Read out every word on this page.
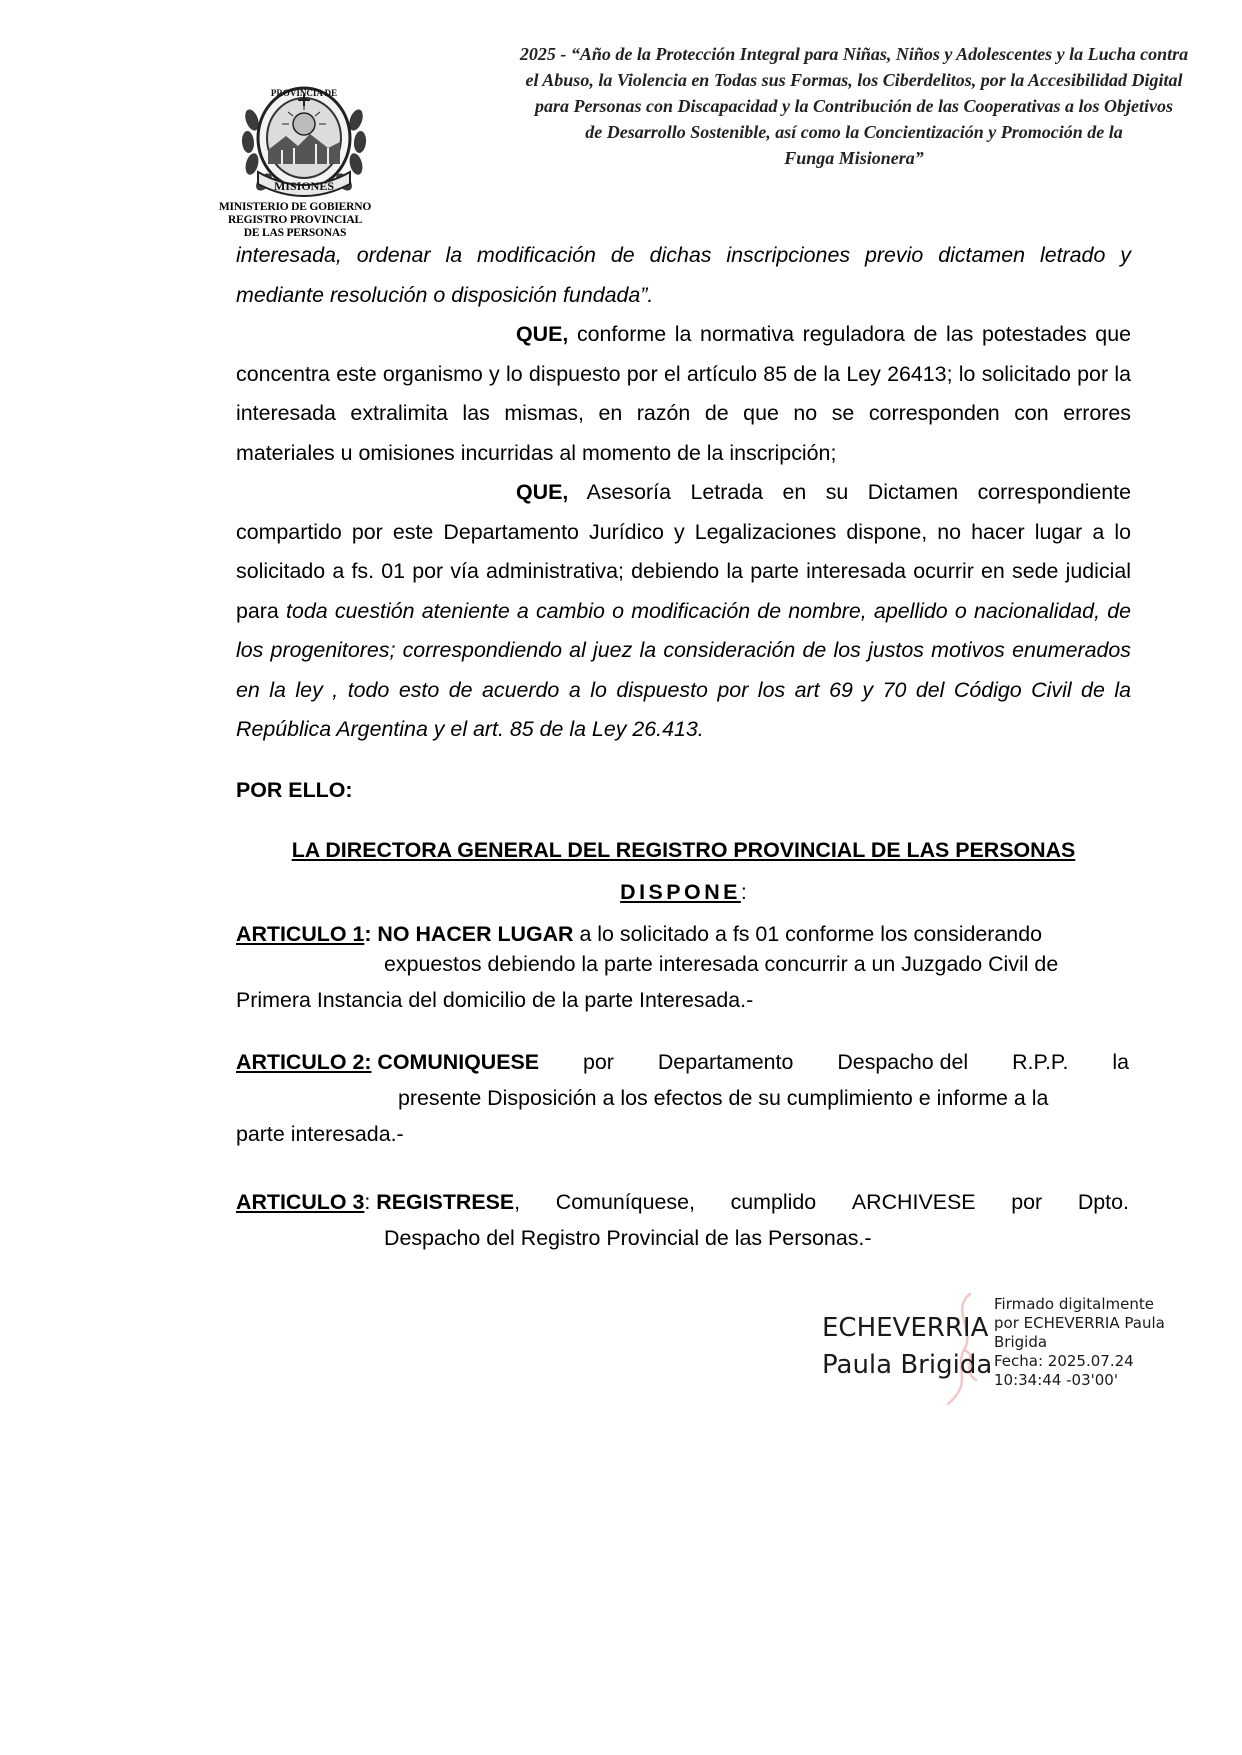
MISIONES
PROVINCIA DE
MINISTERIO DE GOBIERNO
REGISTRO PROVINCIAL
DE LAS PERSONAS
2025 - “Año de la Protección Integral para Niñas, Niños y Adolescentes y la Lucha contra
el Abuso, la Violencia en Todas sus Formas, los Ciberdelitos, por la Accesibilidad Digital
para Personas con Discapacidad y la Contribución de las Cooperativas a los Objetivos
de Desarrollo Sostenible, así como la Concientización y Promoción de la
Funga Misionera”

interesada, ordenar la modificación de dichas inscripciones previo dictamen letrado y mediante resolución o disposición fundada”.

QUE, conforme la normativa reguladora de las potestades que concentra este organismo y lo dispuesto por el artículo 85 de la Ley 26413; lo solicitado por la interesada extralimita las mismas, en razón de que no se corresponden con errores materiales u omisiones incurridas al momento de la inscripción;

QUE, Asesoría Letrada en su Dictamen correspondiente compartido por este Departamento Jurídico y Legalizaciones dispone, no hacer lugar a lo solicitado a fs. 01 por vía administrativa; debiendo la parte interesada ocurrir en sede judicial para toda cuestión ateniente a cambio o modificación de nombre, apellido o nacionalidad, de los progenitores; correspondiendo al juez la consideración de los justos motivos enumerados en la ley , todo esto de acuerdo a lo dispuesto por los art 69 y 70 del Código Civil de la República Argentina y el art. 85 de la Ley 26.413.

POR ELLO:
LA DIRECTORA GENERAL DEL REGISTRO PROVINCIAL DE LAS PERSONAS
DISPONE:
ARTICULO 1: NO HACER LUGAR a lo solicitado a fs 01 conforme los considerando
expuestos debiendo la parte interesada concurrir a un Juzgado Civil de
Primera Instancia del domicilio de la parte Interesada.-
ARTICULO 2: COMUNIQUESE por Departamento Despacho del R.P.P. la
presente Disposición a los efectos de su cumplimiento e informe a la
parte interesada.-
ARTICULO 3: REGISTRESE, Comuníquese, cumplido ARCHIVESE por Dpto.
Despacho del Registro Provincial de las Personas.-
ECHEVERRIA
Paula Brigida
Firmado digitalmente
por ECHEVERRIA Paula
Brigida
Fecha: 2025.07.24
10:34:44 -03'00'
